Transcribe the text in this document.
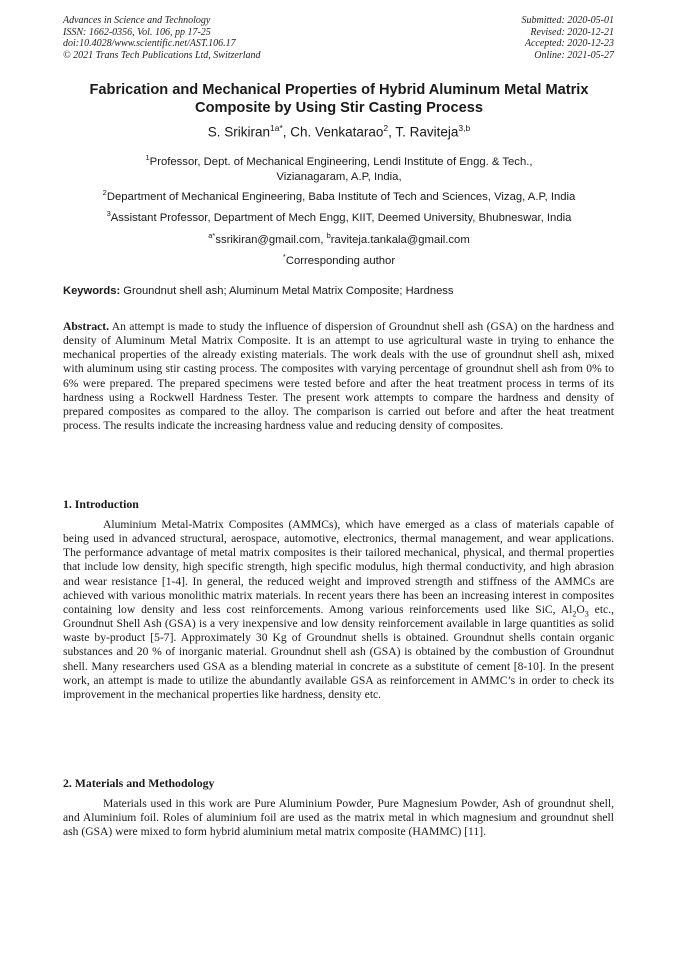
Advances in Science and Technology
ISSN: 1662-0356, Vol. 106, pp 17-25
doi:10.4028/www.scientific.net/AST.106.17
© 2021 Trans Tech Publications Ltd, Switzerland
Submitted: 2020-05-01
Revised: 2020-12-21
Accepted: 2020-12-23
Online: 2021-05-27
Fabrication and Mechanical Properties of Hybrid Aluminum Metal Matrix
Composite by Using Stir Casting Process
S. Srikiran$^{1a*}$, Ch. Venkatarao$^2$, T. Raviteja$^{3,b}$
$^1$Professor, Dept. of Mechanical Engineering, Lendi Institute of Engg. & Tech.,
Vizianagaram, A.P, India,
$^2$Department of Mechanical Engineering, Baba Institute of Tech and Sciences, Vizag, A.P, India
$^3$Assistant Professor, Department of Mech Engg, KIIT, Deemed University, Bhubneswar, India
$^{a*}$ssrikiran@gmail.com, $^b$raviteja.tankala@gmail.com
*Corresponding author
Keywords: Groundnut shell ash; Aluminum Metal Matrix Composite; Hardness

Abstract. An attempt is made to study the influence of dispersion of Groundnut shell ash (GSA) on the hardness and density of Aluminum Metal Matrix Composite. It is an attempt to use agricultural waste in trying to enhance the mechanical properties of the already existing materials. The work deals with the use of groundnut shell ash, mixed with aluminum using stir casting process. The composites with varying percentage of groundnut shell ash from 0% to 6% were prepared. The prepared specimens were tested before and after the heat treatment process in terms of its hardness using a Rockwell Hardness Tester. The present work attempts to compare the hardness and density of prepared composites as compared to the alloy. The comparison is carried out before and after the heat treatment process. The results indicate the increasing hardness value and reducing density of composites.

1. Introduction

Aluminium Metal-Matrix Composites (AMMCs), which have emerged as a class of materials capable of being used in advanced structural, aerospace, automotive, electronics, thermal management, and wear applications. The performance advantage of metal matrix composites is their tailored mechanical, physical, and thermal properties that include low density, high specific strength, high specific modulus, high thermal conductivity, and high abrasion and wear resistance [1-4]. In general, the reduced weight and improved strength and stiffness of the AMMCs are achieved with various monolithic matrix materials. In recent years there has been an increasing interest in composites containing low density and less cost reinforcements. Among various reinforcements used like SiC, $Al_2O_3$ etc., Groundnut Shell Ash (GSA) is a very inexpensive and low density reinforcement available in large quantities as solid waste by-product [5-7]. Approximately 30 Kg of Groundnut shells is obtained. Groundnut shells contain organic substances and 20 % of inorganic material. Groundnut shell ash (GSA) is obtained by the combustion of Groundnut shell. Many researchers used GSA as a blending material in concrete as a substitute of cement [8-10]. In the present work, an attempt is made to utilize the abundantly available GSA as reinforcement in AMMC’s in order to check its improvement in the mechanical properties like hardness, density etc.

2. Materials and Methodology

Materials used in this work are Pure Aluminium Powder, Pure Magnesium Powder, Ash of groundnut shell, and Aluminium foil. Roles of aluminium foil are used as the matrix metal in which magnesium and groundnut shell ash (GSA) were mixed to form hybrid aluminium metal matrix composite (HAMMC) [11].
